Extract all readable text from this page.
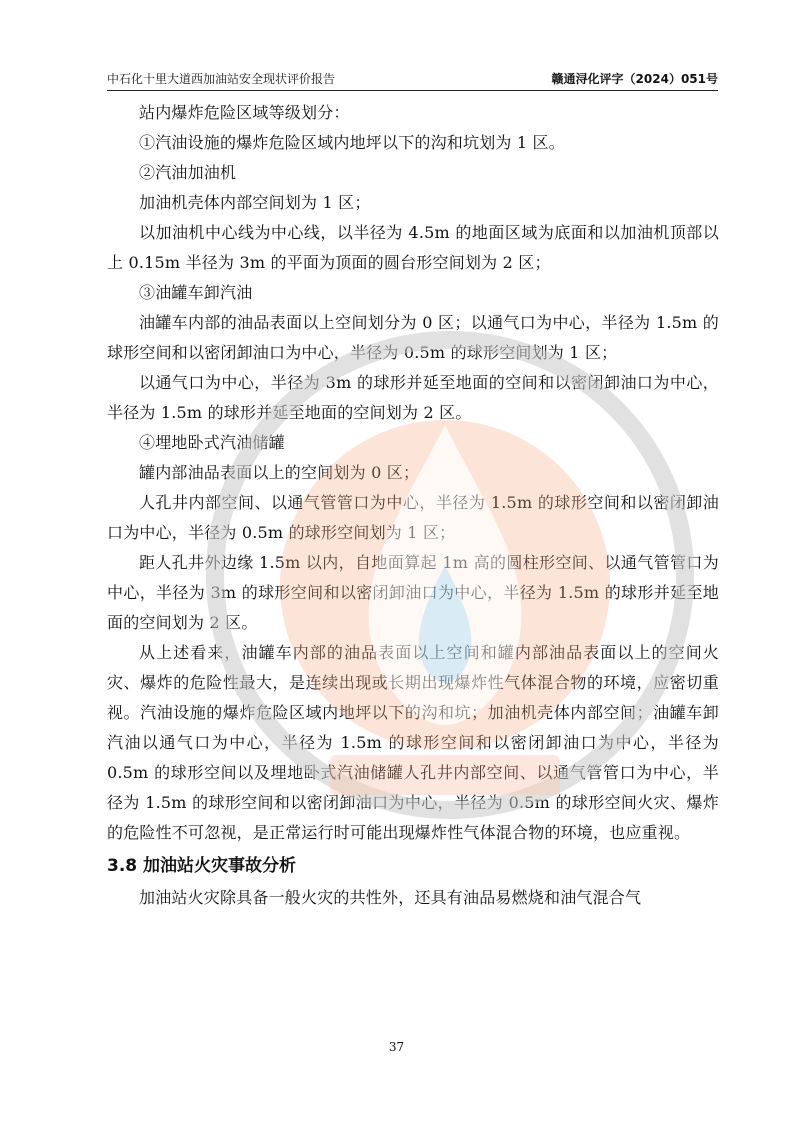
中石化十里大道西加油站安全现状评价报告	赣通浔化评字（2024）051号

站内爆炸危险区域等级划分：

①汽油设施的爆炸危险区域内地坪以下的沟和坑划为 1 区。

②汽油加油机

加油机壳体内部空间划为 1 区；

以加油机中心线为中心线，以半径为 4.5m 的地面区域为底面和以加油机顶部以上 0.15m 半径为 3m 的平面为顶面的圆台形空间划为 2 区；

③油罐车卸汽油

油罐车内部的油品表面以上空间划分为 0 区；以通气口为中心，半径为 1.5m 的球形空间和以密闭卸油口为中心，半径为 0.5m 的球形空间划为 1 区；

以通气口为中心，半径为 3m 的球形并延至地面的空间和以密闭卸油口为中心，半径为 1.5m 的球形并延至地面的空间划为 2 区。

④埋地卧式汽油储罐

罐内部油品表面以上的空间划为 0 区；

人孔井内部空间、以通气管管口为中心，半径为 1.5m 的球形空间和以密闭卸油口为中心，半径为 0.5m 的球形空间划为 1 区；

距人孔井外边缘 1.5m 以内，自地面算起 1m 高的圆柱形空间、以通气管管口为中心，半径为 3m 的球形空间和以密闭卸油口为中心，半径为 1.5m 的球形并延至地面的空间划为 2 区。

从上述看来，油罐车内部的油品表面以上空间和罐内部油品表面以上的空间火灾、爆炸的危险性最大，是连续出现或长期出现爆炸性气体混合物的环境，应密切重视。汽油设施的爆炸危险区域内地坪以下的沟和坑；加油机壳体内部空间；油罐车卸汽油以通气口为中心，半径为 1.5m 的球形空间和以密闭卸油口为中心，半径为 0.5m 的球形空间以及埋地卧式汽油储罐人孔井内部空间、以通气管管口为中心，半径为 1.5m 的球形空间和以密闭卸油口为中心，半径为 0.5m 的球形空间火灾、爆炸的危险性不可忽视，是正常运行时可能出现爆炸性气体混合物的环境，也应重视。

3.8 加油站火灾事故分析

加油站火灾除具备一般火灾的共性外，还具有油品易燃烧和油气混合气

37
